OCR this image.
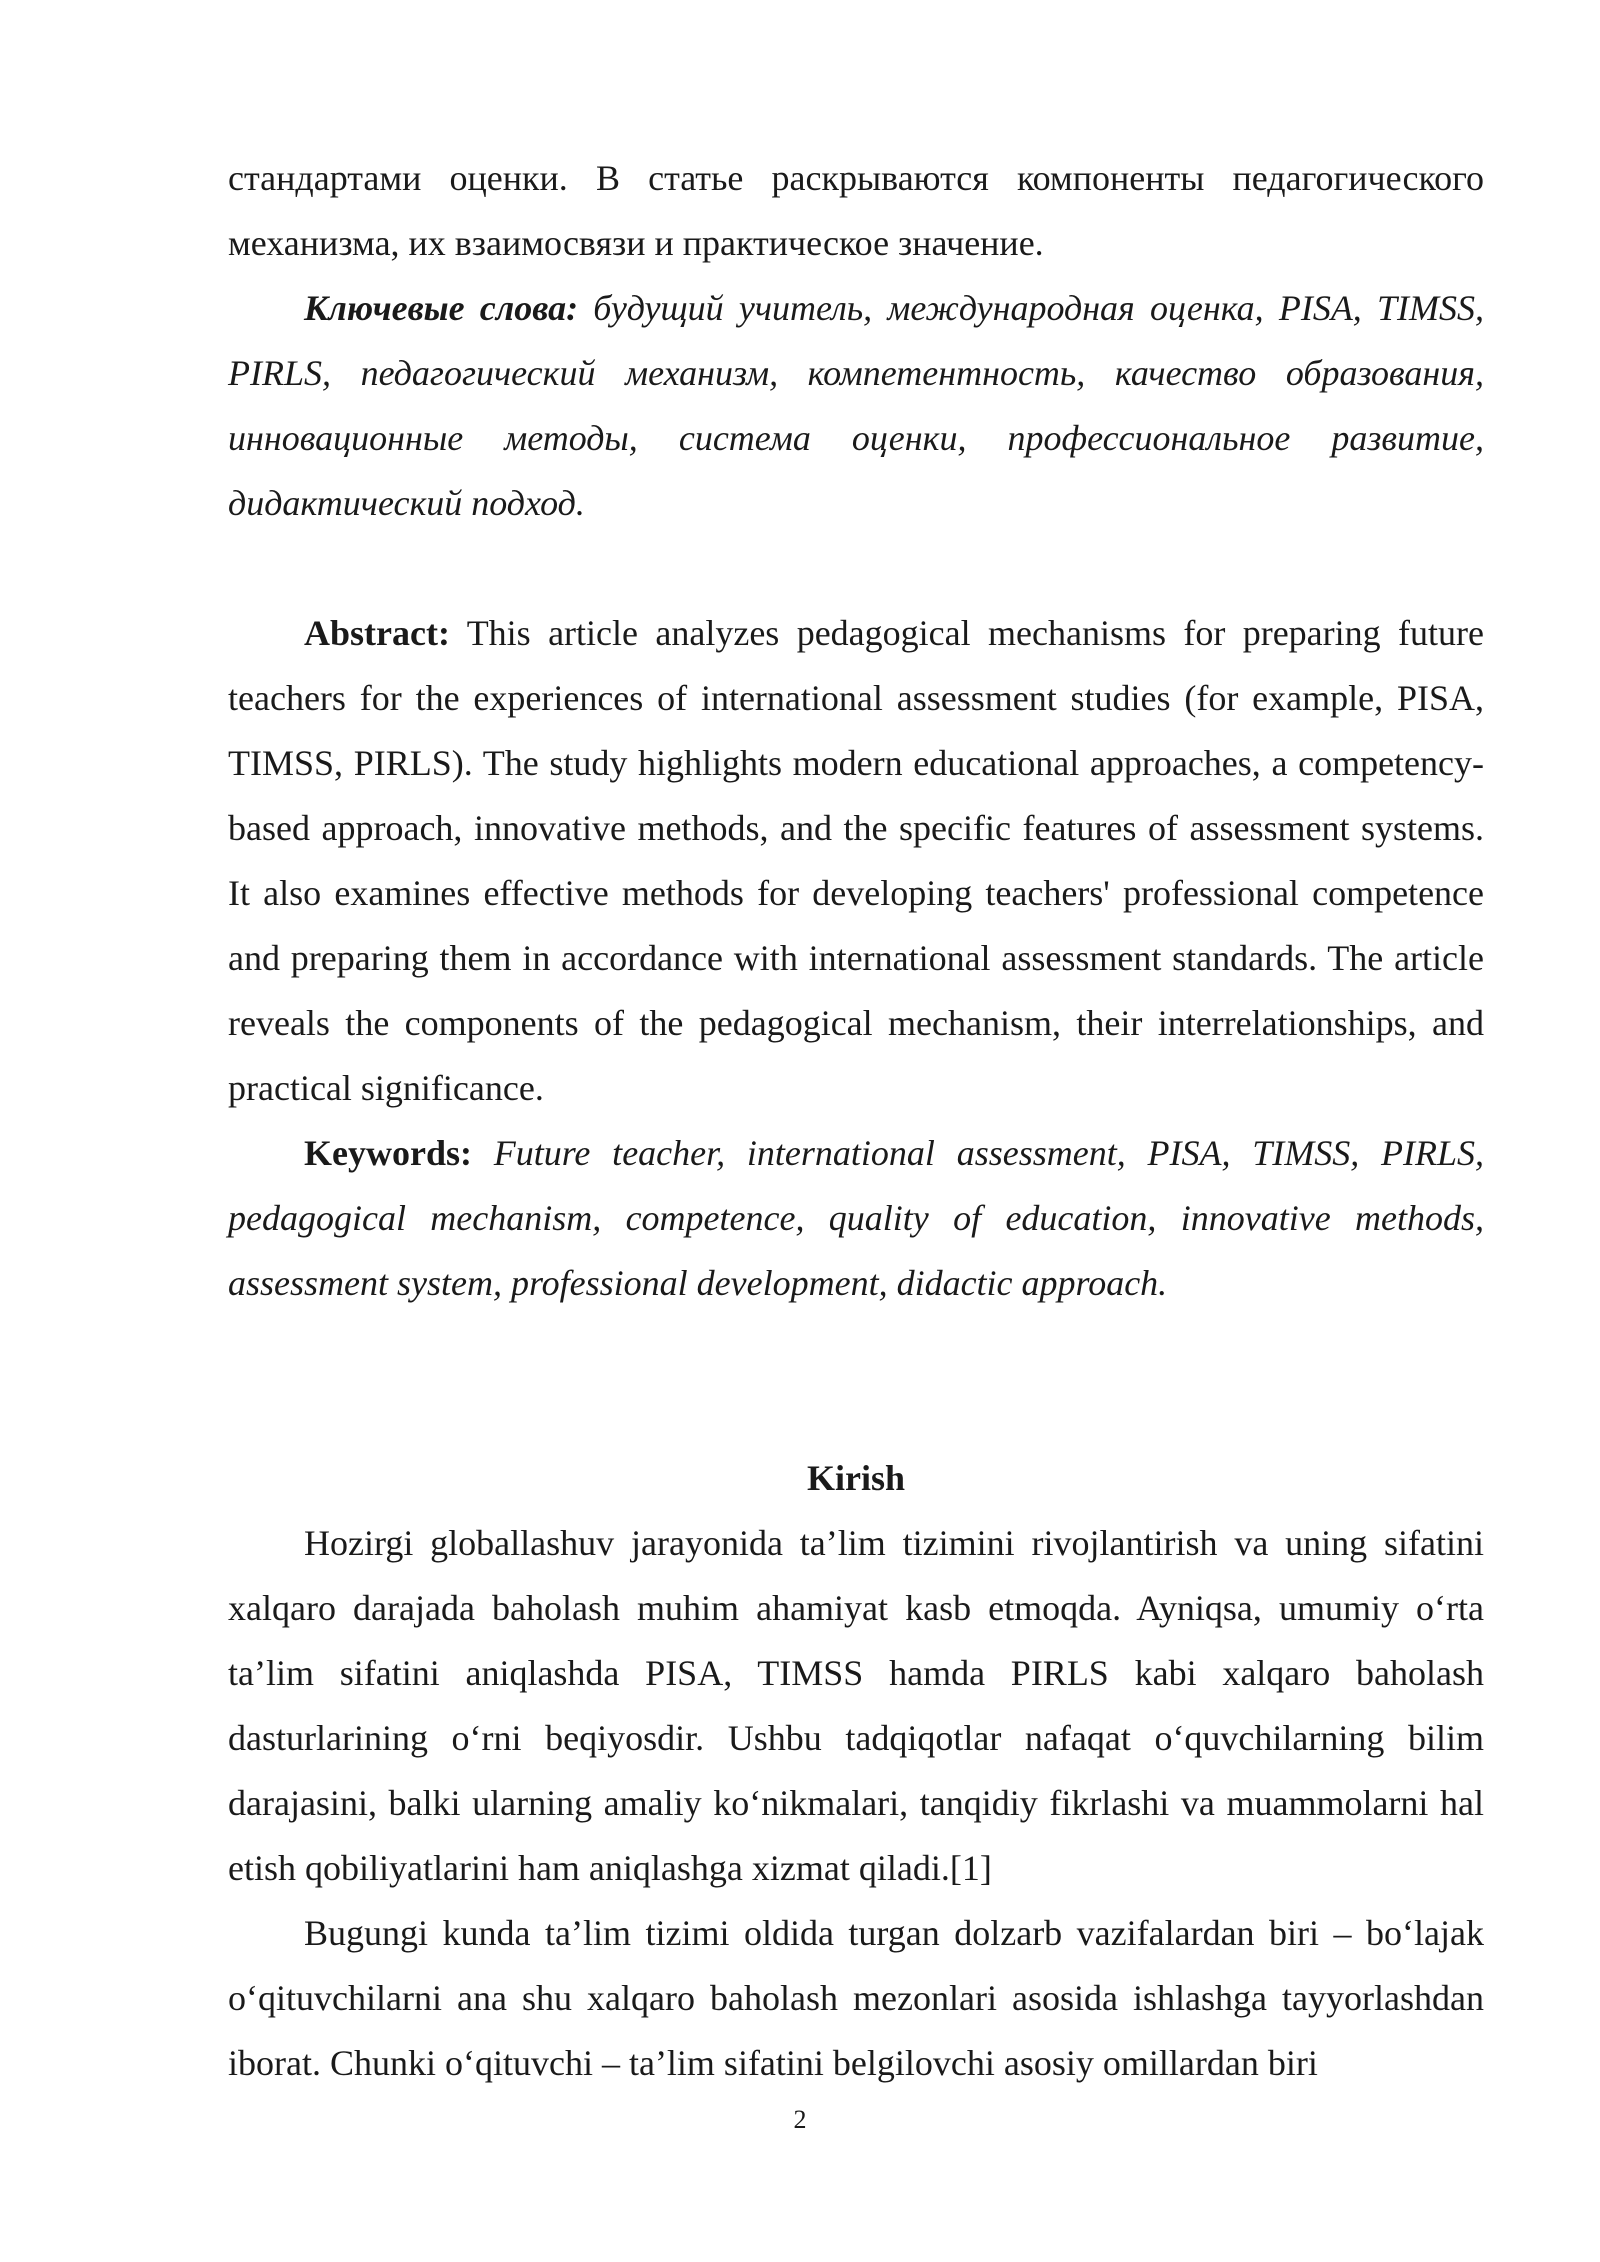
стандартами оценки. В статье раскрываются компоненты педагогического механизма, их взаимосвязи и практическое значение.

Ключевые слова: будущий учитель, международная оценка, PISA, TIMSS, PIRLS, педагогический механизм, компетентность, качество образования, инновационные методы, система оценки, профессиональное развитие, дидактический подход.

Abstract: This article analyzes pedagogical mechanisms for preparing future teachers for the experiences of international assessment studies (for example, PISA, TIMSS, PIRLS). The study highlights modern educational approaches, a competency-based approach, innovative methods, and the specific features of assessment systems. It also examines effective methods for developing teachers' professional competence and preparing them in accordance with international assessment standards. The article reveals the components of the pedagogical mechanism, their interrelationships, and practical significance.

Keywords: Future teacher, international assessment, PISA, TIMSS, PIRLS, pedagogical mechanism, competence, quality of education, innovative methods, assessment system, professional development, didactic approach.

Kirish

Hozirgi globallashuv jarayonida ta’lim tizimini rivojlantirish va uning sifatini xalqaro darajada baholash muhim ahamiyat kasb etmoqda. Ayniqsa, umumiy o‘rta ta’lim sifatini aniqlashda PISA, TIMSS hamda PIRLS kabi xalqaro baholash dasturlarining o‘rni beqiyosdir. Ushbu tadqiqotlar nafaqat o‘quvchilarning bilim darajasini, balki ularning amaliy ko‘nikmalari, tanqidiy fikrlashi va muammolarni hal etish qobiliyatlarini ham aniqlashga xizmat qiladi.[1]

Bugungi kunda ta’lim tizimi oldida turgan dolzarb vazifalardan biri – bo‘lajak o‘qituvchilarni ana shu xalqaro baholash mezonlari asosida ishlashga tayyorlashdan iborat. Chunki o‘qituvchi – ta’lim sifatini belgilovchi asosiy omillardan biri

2
